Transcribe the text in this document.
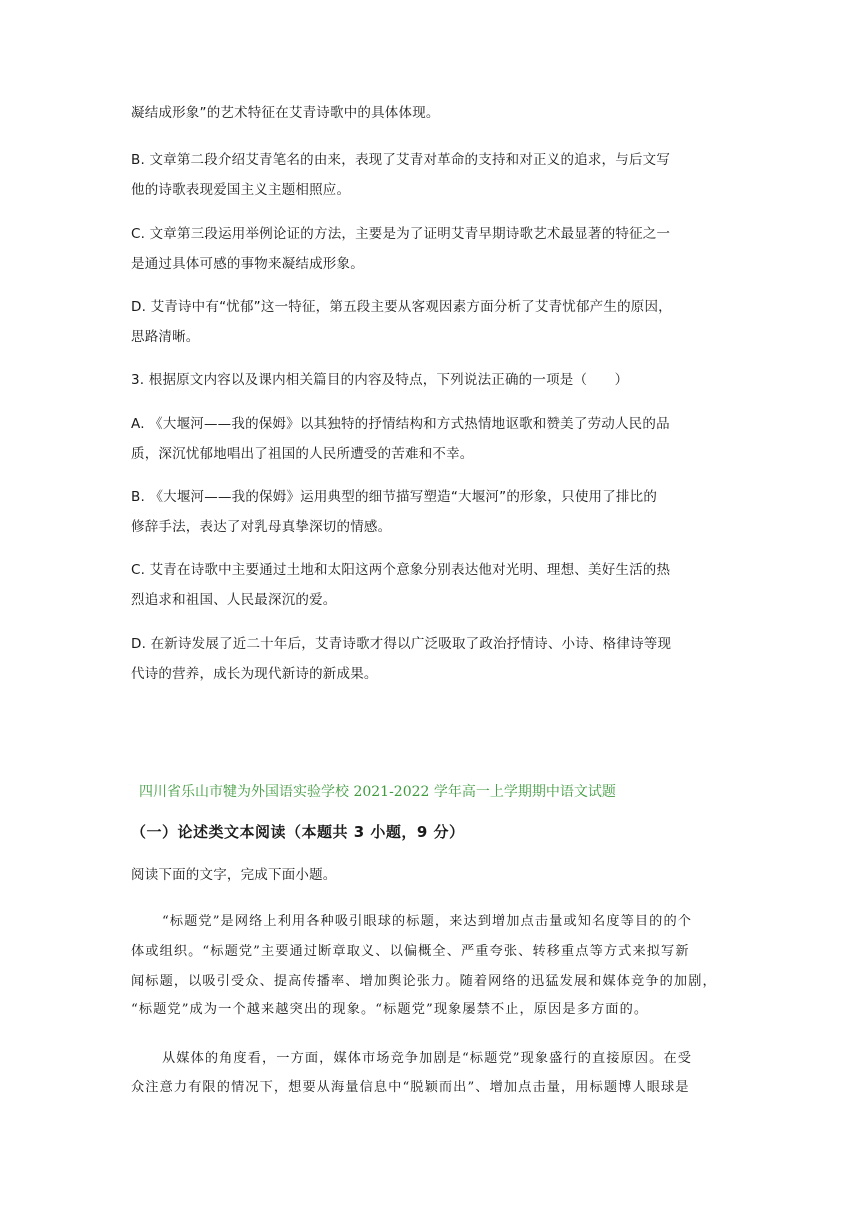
凝结成形象”的艺术特征在艾青诗歌中的具体体现。
B. 文章第二段介绍艾青笔名的由来，表现了艾青对革命的支持和对正义的追求，与后文写
他的诗歌表现爱国主义主题相照应。
C. 文章第三段运用举例论证的方法，主要是为了证明艾青早期诗歌艺术最显著的特征之一
是通过具体可感的事物来凝结成形象。
D. 艾青诗中有“忧郁”这一特征，第五段主要从客观因素方面分析了艾青忧郁产生的原因，
思路清晰。
3. 根据原文内容以及课内相关篇目的内容及特点，下列说法正确的一项是（　　）
A. 《大堰河——我的保姆》以其独特的抒情结构和方式热情地讴歌和赞美了劳动人民的品
质，深沉忧郁地唱出了祖国的人民所遭受的苦难和不幸。
B. 《大堰河——我的保姆》运用典型的细节描写塑造“大堰河”的形象，只使用了排比的
修辞手法，表达了对乳母真挚深切的情感。
C. 艾青在诗歌中主要通过土地和太阳这两个意象分别表达他对光明、理想、美好生活的热
烈追求和祖国、人民最深沉的爱。
D. 在新诗发展了近二十年后，艾青诗歌才得以广泛吸取了政治抒情诗、小诗、格律诗等现
代诗的营养，成长为现代新诗的新成果。
四川省乐山市犍为外国语实验学校 2021-2022 学年高一上学期期中语文试题
（一）论述类文本阅读（本题共 3 小题，9 分）
阅读下面的文字，完成下面小题。
“标题党”是网络上利用各种吸引眼球的标题，来达到增加点击量或知名度等目的的个
体或组织。“标题党”主要通过断章取义、以偏概全、严重夸张、转移重点等方式来拟写新
闻标题，以吸引受众、提高传播率、增加舆论张力。随着网络的迅猛发展和媒体竞争的加剧，
“标题党”成为一个越来越突出的现象。“标题党”现象屡禁不止，原因是多方面的。
从媒体的角度看，一方面，媒体市场竞争加剧是“标题党”现象盛行的直接原因。在受
众注意力有限的情况下，想要从海量信息中“脱颖而出”、增加点击量，用标题博人眼球是
